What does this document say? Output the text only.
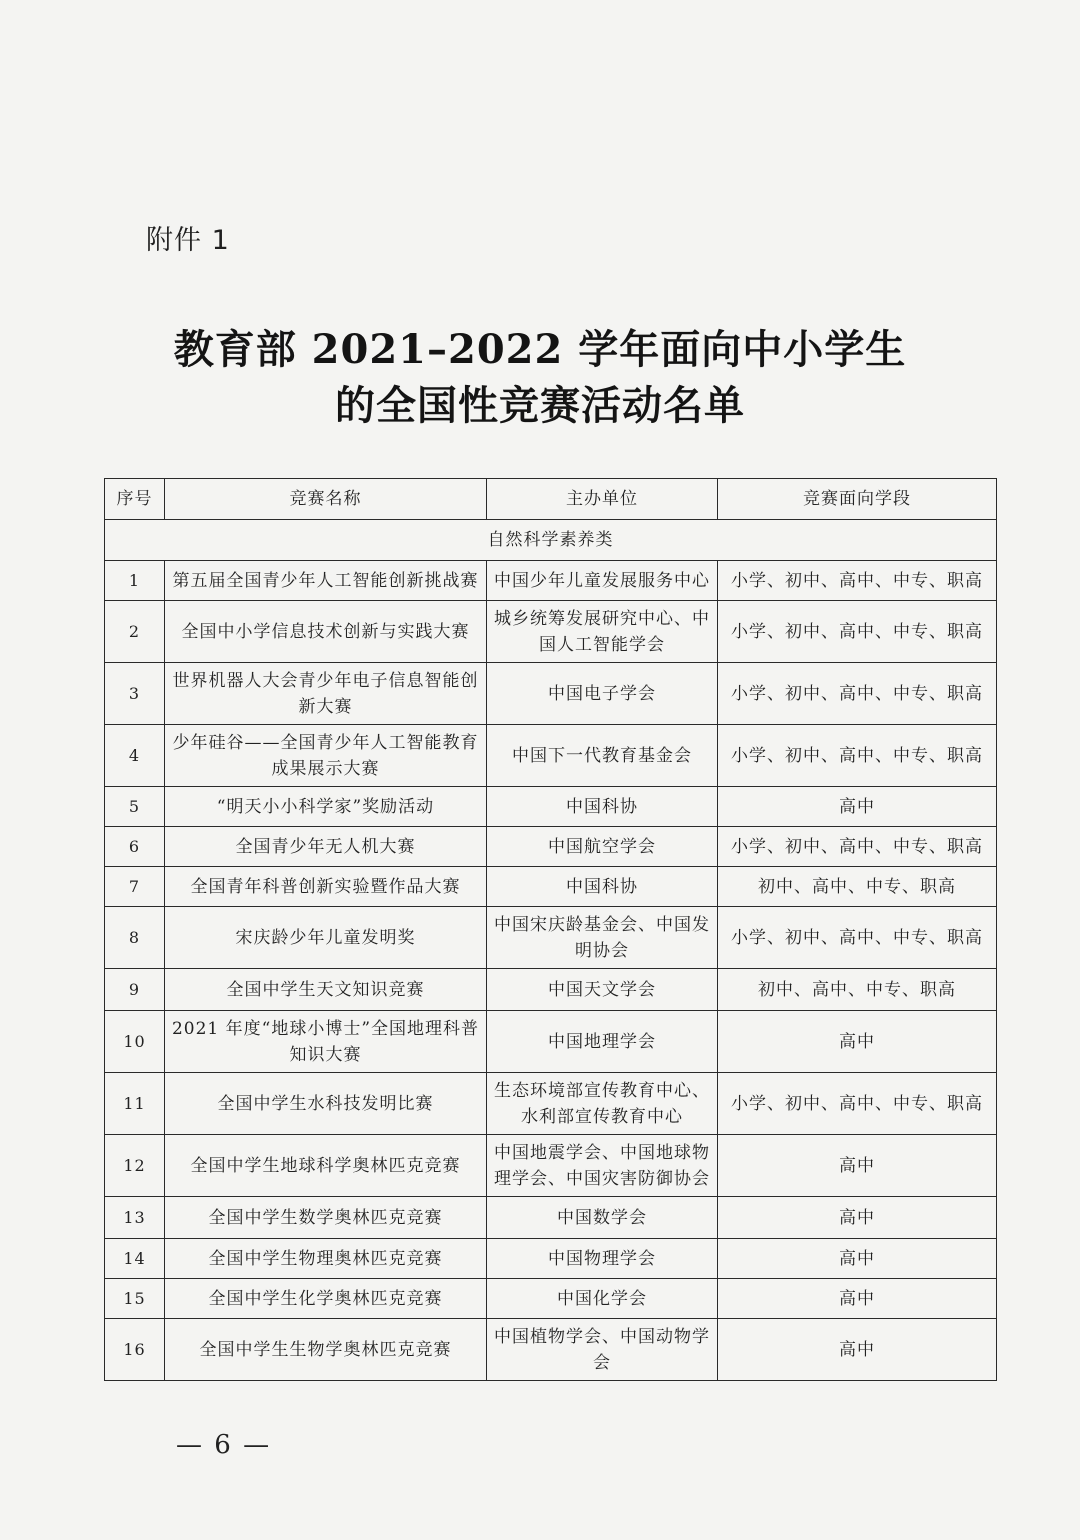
附件 1
教育部 2021–2022 学年面向中小学生
的全国性竞赛活动名单
序号	竞赛名称	主办单位	竞赛面向学段
自然科学素养类			
1	第五届全国青少年人工智能创新挑战赛	中国少年儿童发展服务中心	小学、初中、高中、中专、职高
2	全国中小学信息技术创新与实践大赛	城乡统筹发展研究中心、中国人工智能学会	小学、初中、高中、中专、职高
3	世界机器人大会青少年电子信息智能创新大赛	中国电子学会	小学、初中、高中、中专、职高
4	少年硅谷——全国青少年人工智能教育成果展示大赛	中国下一代教育基金会	小学、初中、高中、中专、职高
5	“明天小小科学家”奖励活动	中国科协	高中
6	全国青少年无人机大赛	中国航空学会	小学、初中、高中、中专、职高
7	全国青年科普创新实验暨作品大赛	中国科协	初中、高中、中专、职高
8	宋庆龄少年儿童发明奖	中国宋庆龄基金会、中国发明协会	小学、初中、高中、中专、职高
9	全国中学生天文知识竞赛	中国天文学会	初中、高中、中专、职高
10	2021 年度“地球小博士”全国地理科普知识大赛	中国地理学会	高中
11	全国中学生水科技发明比赛	生态环境部宣传教育中心、水利部宣传教育中心	小学、初中、高中、中专、职高
12	全国中学生地球科学奥林匹克竞赛	中国地震学会、中国地球物理学会、中国灾害防御协会	高中
13	全国中学生数学奥林匹克竞赛	中国数学会	高中
14	全国中学生物理奥林匹克竞赛	中国物理学会	高中
15	全国中学生化学奥林匹克竞赛	中国化学会	高中
16	全国中学生生物学奥林匹克竞赛	中国植物学会、中国动物学会	高中
— 6 —
